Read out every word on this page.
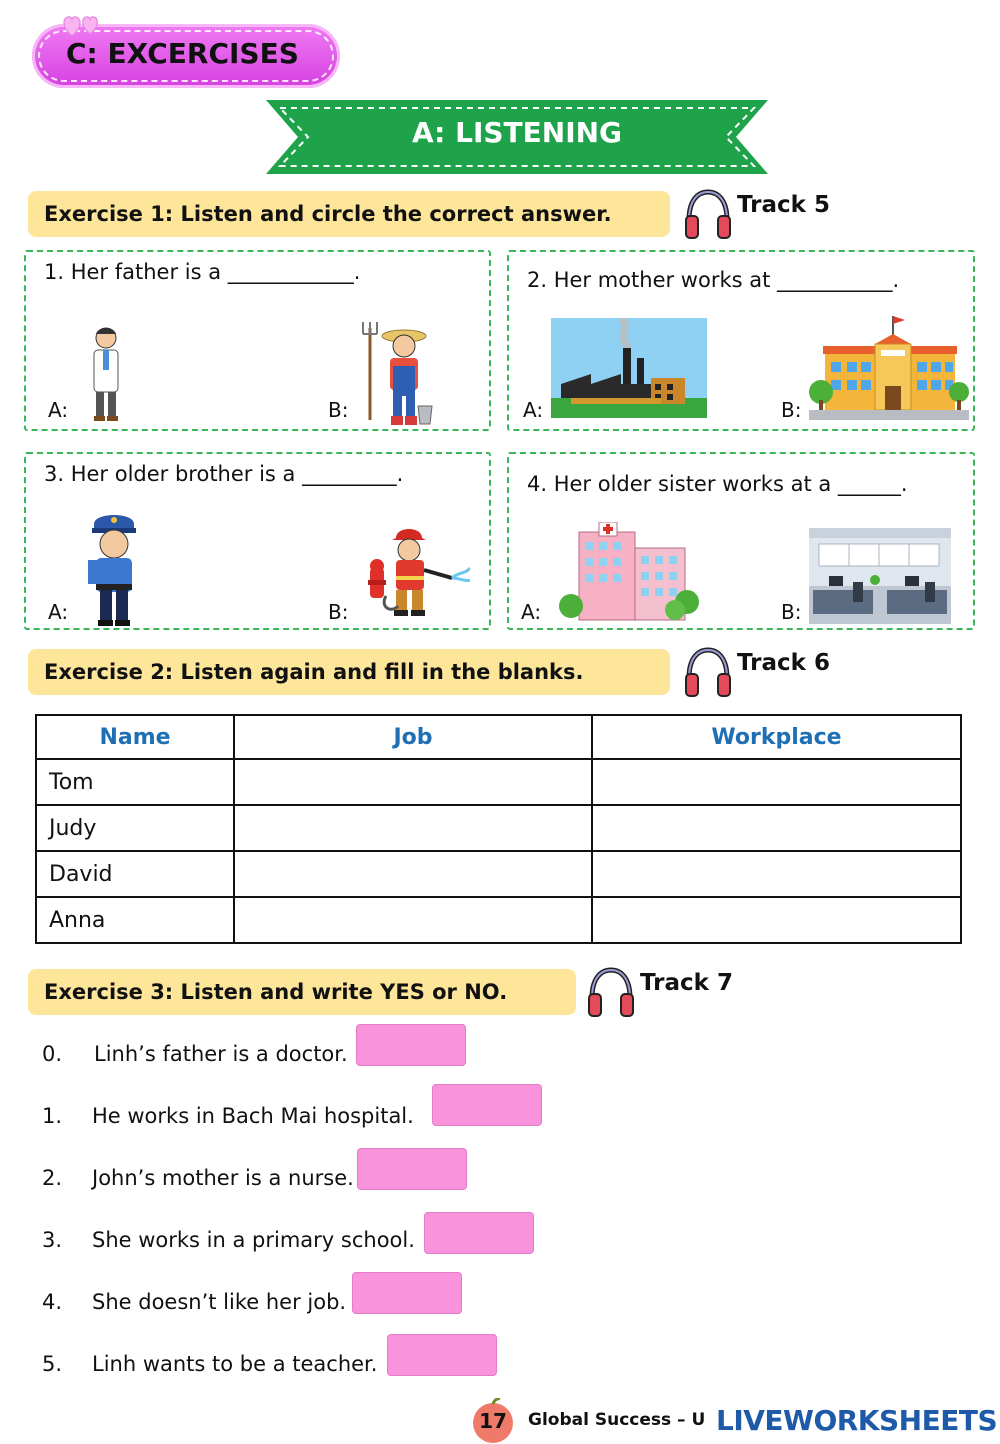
C: EXCERCISES
A: LISTENING
Exercise 1: Listen and circle the correct answer.	Track 5
1. Her father is a ____________.
A:	B:
2. Her mother works at ___________.
A:	B:
3. Her older brother is a _________.
A:	B:
4. Her older sister works at a ______.
A:	B:
Exercise 2: Listen again and fill in the blanks.	Track 6
Name	Job	Workplace
Tom		
Judy		
David		
Anna		
Exercise 3: Listen and write YES or NO.	Track 7
0. Linh’s father is a doctor.
1. He works in Bach Mai hospital.
2. John’s mother is a nurse.
3. She works in a primary school.
4. She doesn’t like her job.
5. Linh wants to be a teacher.
17	Global Success – U LIVEWORKSHEETS
